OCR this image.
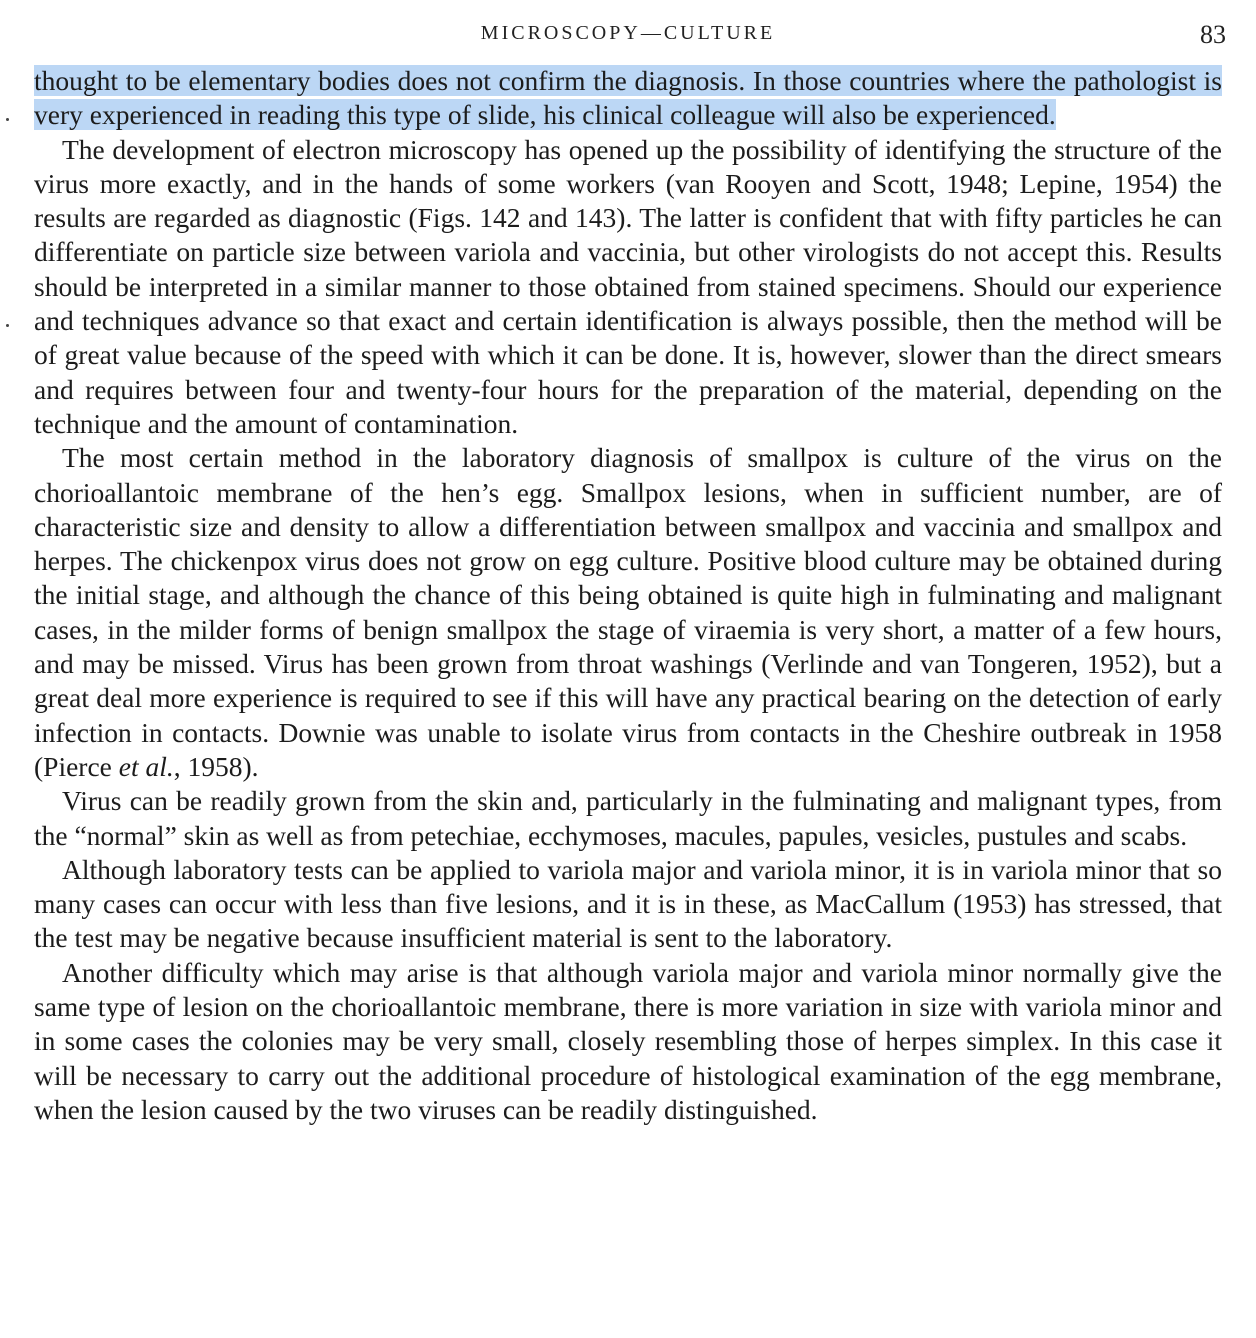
MICROSCOPY—CULTURE	83

thought to be elementary bodies does not confirm the diagnosis. In those countries where the pathologist is very experienced in reading this type of slide, his clinical colleague will also be experienced.

The development of electron microscopy has opened up the possibility of identifying the structure of the virus more exactly, and in the hands of some workers (van Rooyen and Scott, 1948; Lepine, 1954) the results are regarded as diagnostic (Figs. 142 and 143). The latter is confident that with fifty particles he can differentiate on particle size between variola and vaccinia, but other virologists do not accept this. Results should be interpreted in a similar manner to those obtained from stained specimens. Should our experience and techniques advance so that exact and certain identification is always possible, then the method will be of great value because of the speed with which it can be done. It is, however, slower than the direct smears and requires between four and twenty-four hours for the preparation of the material, depending on the technique and the amount of contamination.

The most certain method in the laboratory diagnosis of smallpox is culture of the virus on the chorioallantoic membrane of the hen’s egg. Smallpox lesions, when in sufficient number, are of characteristic size and density to allow a differentiation between smallpox and vaccinia and smallpox and herpes. The chickenpox virus does not grow on egg culture. Positive blood culture may be obtained during the initial stage, and although the chance of this being obtained is quite high in fulminating and malignant cases, in the milder forms of benign smallpox the stage of viraemia is very short, a matter of a few hours, and may be missed. Virus has been grown from throat washings (Verlinde and van Tongeren, 1952), but a great deal more experience is required to see if this will have any practical bearing on the detection of early infection in contacts. Downie was unable to isolate virus from contacts in the Cheshire outbreak in 1958 (Pierce et al., 1958).

Virus can be readily grown from the skin and, particularly in the fulminating and malignant types, from the “normal” skin as well as from petechiae, ecchymoses, macules, papules, vesicles, pustules and scabs.

Although laboratory tests can be applied to variola major and variola minor, it is in variola minor that so many cases can occur with less than five lesions, and it is in these, as MacCallum (1953) has stressed, that the test may be negative because insufficient material is sent to the laboratory.

Another difficulty which may arise is that although variola major and variola minor normally give the same type of lesion on the chorioallantoic membrane, there is more variation in size with variola minor and in some cases the colonies may be very small, closely resembling those of herpes simplex. In this case it will be necessary to carry out the additional procedure of histological examination of the egg membrane, when the lesion caused by the two viruses can be readily distinguished.
